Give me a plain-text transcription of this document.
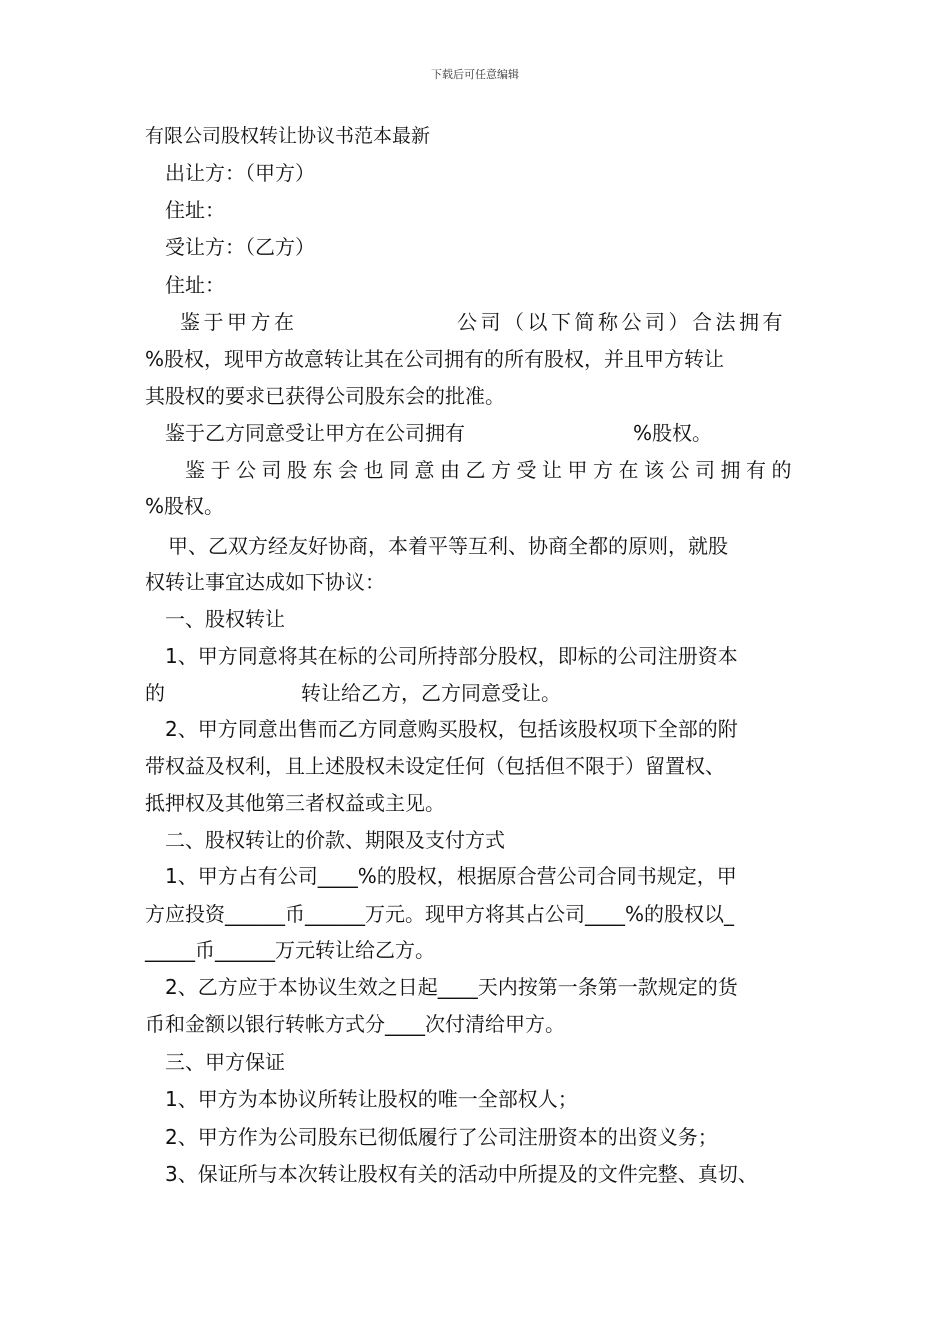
下载后可任意编辑

有限公司股权转让协议书范本最新

出让方：（甲方）

住址：

受让方：（乙方）

住址：

鉴于甲方在	公司（以下简称公司）合法拥有

%股权，现甲方故意转让其在公司拥有的所有股权，并且甲方转让

其股权的要求已获得公司股东会的批准。

鉴于乙方同意受让甲方在公司拥有	%股权。

鉴于公司股东会也同意由乙方受让甲方在该公司拥有的

%股权。

甲、乙双方经友好协商，本着平等互利、协商全都的原则，就股

权转让事宜达成如下协议：

一、股权转让

1、甲方同意将其在标的公司所持部分股权，即标的公司注册资本

的	转让给乙方，乙方同意受让。

2、甲方同意出售而乙方同意购买股权，包括该股权项下全部的附

带权益及权利，且上述股权未设定任何（包括但不限于）留置权、

抵押权及其他第三者权益或主见。

二、股权转让的价款、期限及支付方式

1、甲方占有公司____%的股权，根据原合营公司合同书规定，甲

方应投资______币______万元。现甲方将其占公司____%的股权以_

_____币______万元转让给乙方。

2、乙方应于本协议生效之日起____天内按第一条第一款规定的货

币和金额以银行转帐方式分____次付清给甲方。

三、甲方保证

1、甲方为本协议所转让股权的唯一全部权人；

2、甲方作为公司股东已彻低履行了公司注册资本的出资义务；

3、保证所与本次转让股权有关的活动中所提及的文件完整、真切、
